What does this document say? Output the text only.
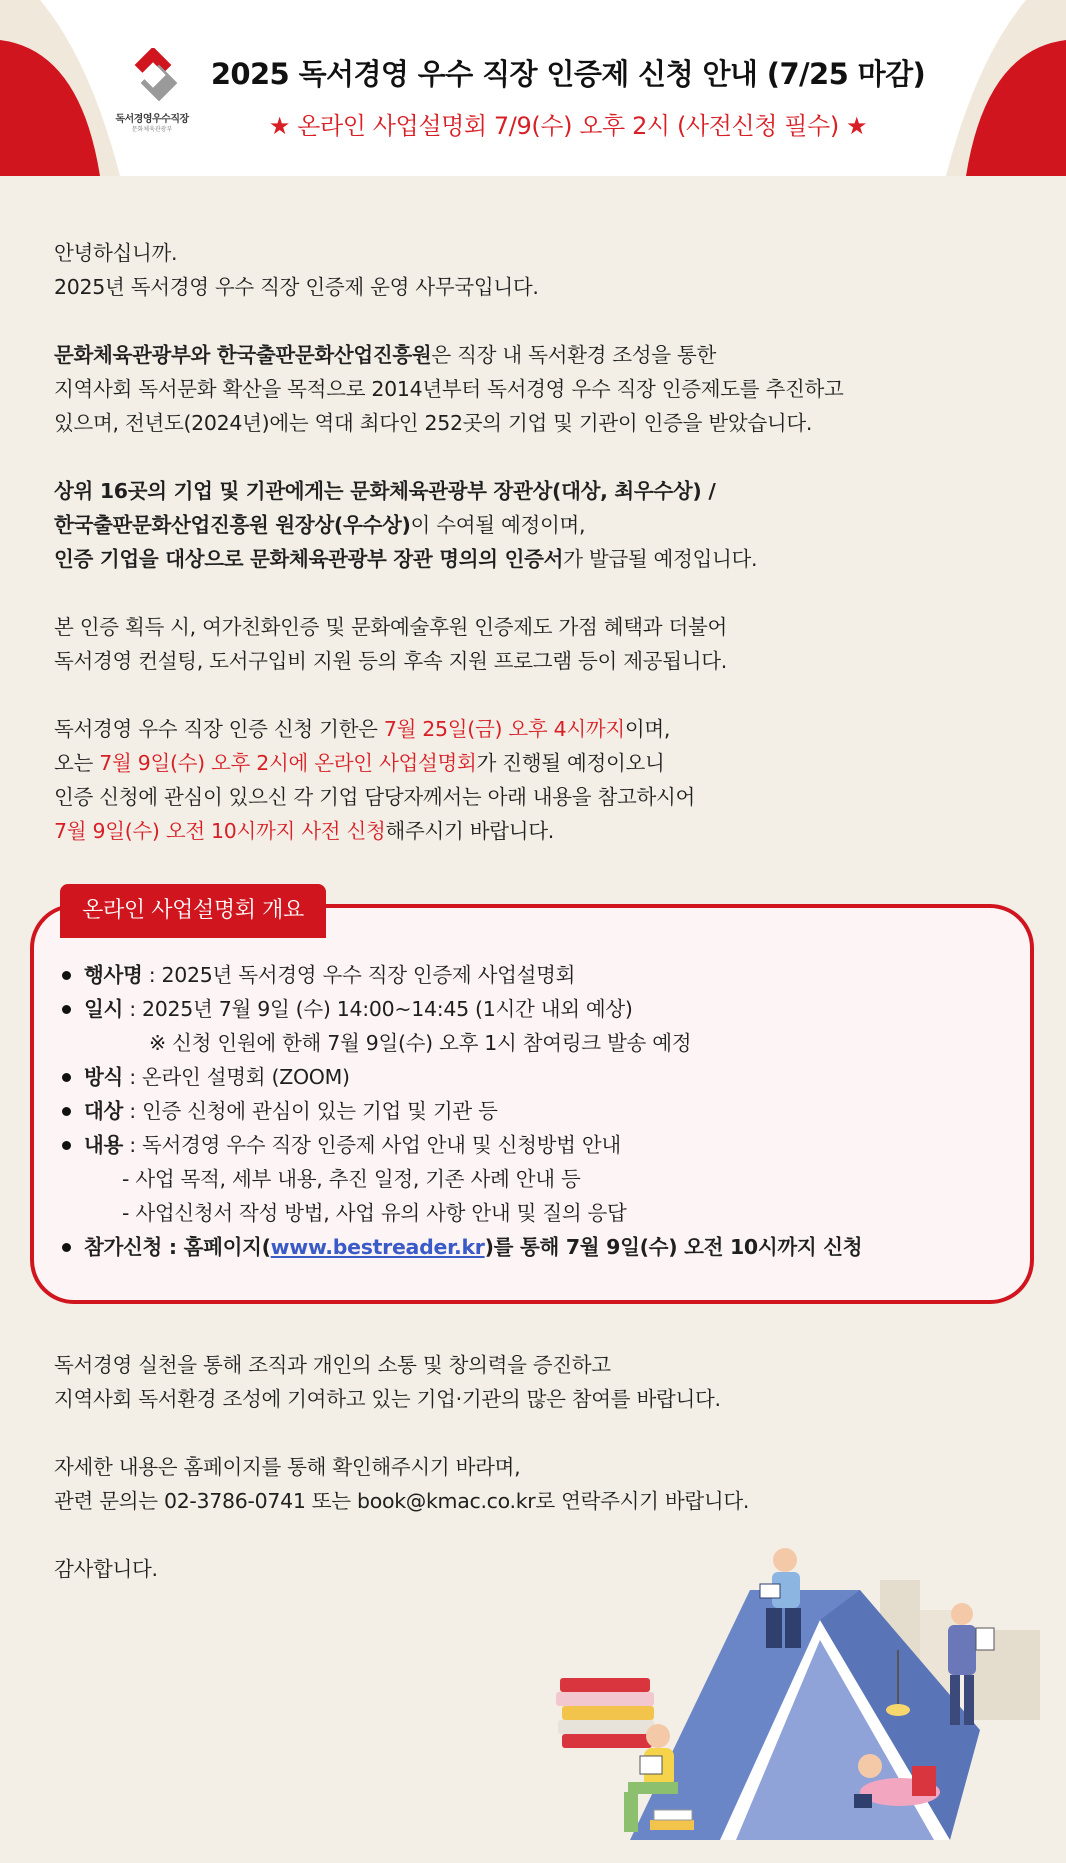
독서경영우수직장
문화체육관광부
2025 독서경영 우수 직장 인증제 신청 안내 (7/25 마감)
★ 온라인 사업설명회 7/9(수) 오후 2시 (사전신청 필수) ★
안녕하십니까.
2025년 독서경영 우수 직장 인증제 운영 사무국입니다.
문화체육관광부와 한국출판문화산업진흥원은 직장 내 독서환경 조성을 통한
지역사회 독서문화 확산을 목적으로 2014년부터 독서경영 우수 직장 인증제도를 추진하고
있으며, 전년도(2024년)에는 역대 최다인 252곳의 기업 및 기관이 인증을 받았습니다.
상위 16곳의 기업 및 기관에게는 문화체육관광부 장관상(대상, 최우수상) /
한국출판문화산업진흥원 원장상(우수상)이 수여될 예정이며,
인증 기업을 대상으로 문화체육관광부 장관 명의의 인증서가 발급될 예정입니다.
본 인증 획득 시, 여가친화인증 및 문화예술후원 인증제도 가점 혜택과 더불어
독서경영 컨설팅, 도서구입비 지원 등의 후속 지원 프로그램 등이 제공됩니다.
독서경영 우수 직장 인증 신청 기한은 7월 25일(금) 오후 4시까지이며,
오는 7월 9일(수) 오후 2시에 온라인 사업설명회가 진행될 예정이오니
인증 신청에 관심이 있으신 각 기업 담당자께서는 아래 내용을 참고하시어
7월 9일(수) 오전 10시까지 사전 신청해주시기 바랍니다.
온라인 사업설명회 개요
행사명 : 2025년 독서경영 우수 직장 인증제 사업설명회
일시 : 2025년 7월 9일 (수) 14:00~14:45 (1시간 내외 예상)
※ 신청 인원에 한해 7월 9일(수) 오후 1시 참여링크 발송 예정
방식 : 온라인 설명회 (ZOOM)
대상 : 인증 신청에 관심이 있는 기업 및 기관 등
내용 : 독서경영 우수 직장 인증제 사업 안내 및 신청방법 안내
- 사업 목적, 세부 내용, 추진 일정, 기존 사례 안내 등
- 사업신청서 작성 방법, 사업 유의 사항 안내 및 질의 응답
참가신청 : 홈페이지(www.bestreader.kr)를 통해 7월 9일(수) 오전 10시까지 신청
독서경영 실천을 통해 조직과 개인의 소통 및 창의력을 증진하고
지역사회 독서환경 조성에 기여하고 있는 기업·기관의 많은 참여를 바랍니다.
자세한 내용은 홈페이지를 통해 확인해주시기 바라며,
관련 문의는 02-3786-0741 또는 book@kmac.co.kr로 연락주시기 바랍니다.
감사합니다.
